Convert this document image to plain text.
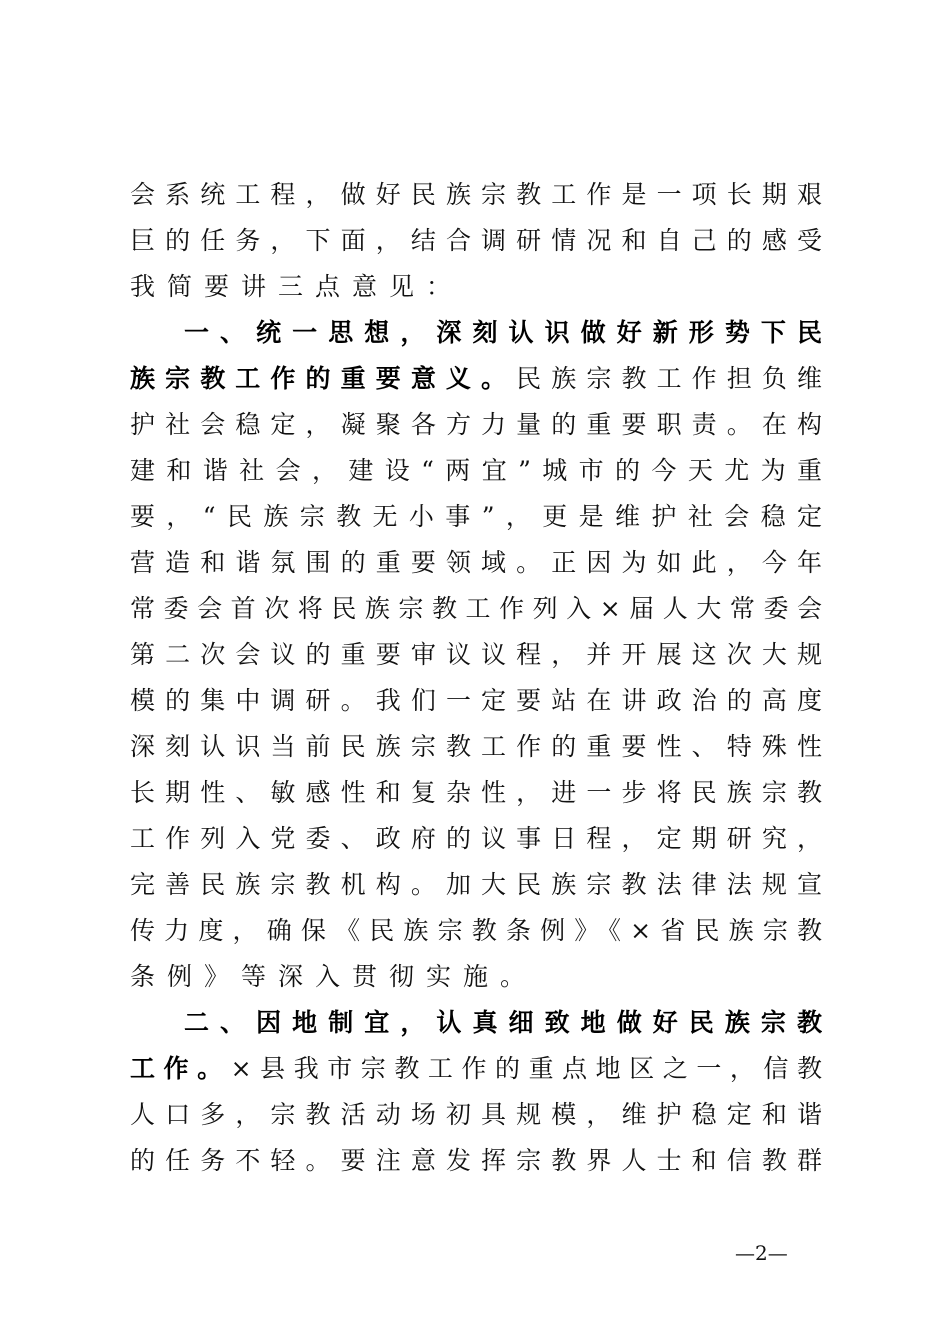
会系统工程，做好民族宗教工作是一项长期艰
巨的任务，下面，结合调研情况和自己的感受
我简要讲三点意见：
一、统一思想，深刻认识做好新形势下民
族宗教工作的重要意义。民族宗教工作担负维
护社会稳定，凝聚各方力量的重要职责。在构
建和谐社会，建设“两宜”城市的今天尤为重
要，“民族宗教无小事”，更是维护社会稳定
营造和谐氛围的重要领域。正因为如此，今年
常委会首次将民族宗教工作列入×届人大常委会
第二次会议的重要审议议程，并开展这次大规
模的集中调研。我们一定要站在讲政治的高度
深刻认识当前民族宗教工作的重要性、特殊性
长期性、敏感性和复杂性，进一步将民族宗教
工作列入党委、政府的议事日程，定期研究，
完善民族宗教机构。加大民族宗教法律法规宣
传力度，确保《民族宗教条例》《×省民族宗教
条例》等深入贯彻实施。
二、因地制宜，认真细致地做好民族宗教
工作。×县我市宗教工作的重点地区之一，信教
人口多，宗教活动场初具规模，维护稳定和谐
的任务不轻。要注意发挥宗教界人士和信教群
—2—
